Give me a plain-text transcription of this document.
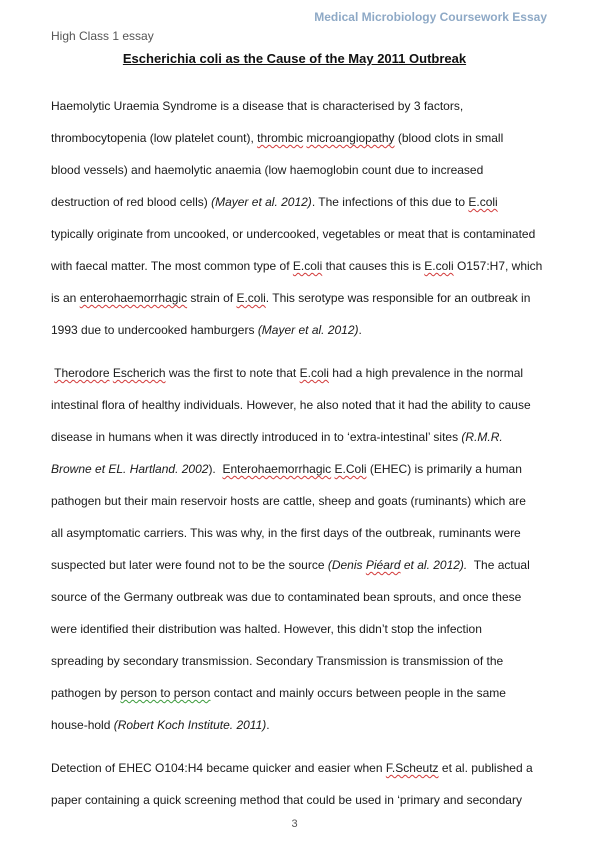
Medical Microbiology Coursework Essay
High Class 1 essay
Escherichia coli as the Cause of the May 2011 Outbreak
Haemolytic Uraemia Syndrome is a disease that is characterised by 3 factors,
thrombocytopenia (low platelet count), thrombic microangiopathy (blood clots in small
blood vessels) and haemolytic anaemia (low haemoglobin count due to increased
destruction of red blood cells) (Mayer et al. 2012). The infections of this due to E.coli
typically originate from uncooked, or undercooked, vegetables or meat that is contaminated
with faecal matter. The most common type of E.coli that causes this is E.coli O157:H7, which
is an enterohaemorrhagic strain of E.coli. This serotype was responsible for an outbreak in
1993 due to undercooked hamburgers (Mayer et al. 2012).
Therodore Escherich was the first to note that E.coli had a high prevalence in the normal
intestinal flora of healthy individuals. However, he also noted that it had the ability to cause
disease in humans when it was directly introduced in to ‘extra-intestinal’ sites (R.M.R.
Browne et EL. Hartland. 2002).  Enterohaemorrhagic E.Coli (EHEC) is primarily a human
pathogen but their main reservoir hosts are cattle, sheep and goats (ruminants) which are
all asymptomatic carriers. This was why, in the first days of the outbreak, ruminants were
suspected but later were found not to be the source (Denis Piéard et al. 2012).  The actual
source of the Germany outbreak was due to contaminated bean sprouts, and once these
were identified their distribution was halted. However, this didn’t stop the infection
spreading by secondary transmission. Secondary Transmission is transmission of the
pathogen by person to person contact and mainly occurs between people in the same
house-hold (Robert Koch Institute. 2011).
Detection of EHEC O104:H4 became quicker and easier when F.Scheutz et al. published a
paper containing a quick screening method that could be used in ‘primary and secondary
3
